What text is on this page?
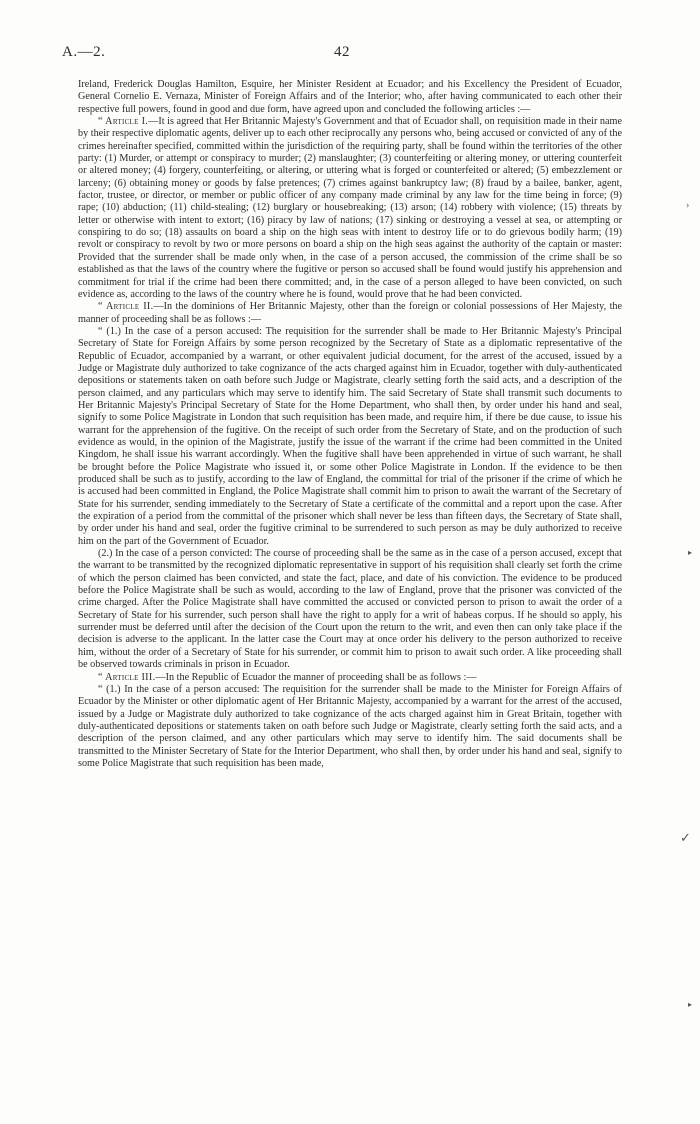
A.—2.	42

Ireland, Frederick Douglas Hamilton, Esquire, her Minister Resident at Ecuador; and his Excellency the President of Ecuador, General Cornelio E. Vernaza, Minister of Foreign Affairs and of the Interior; who, after having communicated to each other their respective full powers, found in good and due form, have agreed upon and concluded the following articles :—

“ Article I.—It is agreed that Her Britannic Majesty's Government and that of Ecuador shall, on requisition made in their name by their respective diplomatic agents, deliver up to each other reciprocally any persons who, being accused or convicted of any of the crimes hereinafter specified, committed within the jurisdiction of the requiring party, shall be found within the territories of the other party: (1) Murder, or attempt or conspiracy to murder; (2) manslaughter; (3) counterfeiting or altering money, or uttering counterfeit or altered money; (4) forgery, counterfeiting, or altering, or uttering what is forged or counterfeited or altered; (5) embezzlement or larceny; (6) obtaining money or goods by false pretences; (7) crimes against bankruptcy law; (8) fraud by a bailee, banker, agent, factor, trustee, or director, or member or public officer of any company made criminal by any law for the time being in force; (9) rape; (10) abduction; (11) child-stealing; (12) burglary or housebreaking; (13) arson; (14) robbery with violence; (15) threats by letter or otherwise with intent to extort; (16) piracy by law of nations; (17) sinking or destroying a vessel at sea, or attempting or conspiring to do so; (18) assaults on board a ship on the high seas with intent to destroy life or to do grievous bodily harm; (19) revolt or conspiracy to revolt by two or more persons on board a ship on the high seas against the authority of the captain or master: Provided that the surrender shall be made only when, in the case of a person accused, the commission of the crime shall be so established as that the laws of the country where the fugitive or person so accused shall be found would justify his apprehension and commitment for trial if the crime had been there committed; and, in the case of a person alleged to have been convicted, on such evidence as, according to the laws of the country where he is found, would prove that he had been convicted.

“ Article II.—In the dominions of Her Britannic Majesty, other than the foreign or colonial possessions of Her Majesty, the manner of proceeding shall be as follows :—

“ (1.) In the case of a person accused: The requisition for the surrender shall be made to Her Britannic Majesty's Principal Secretary of State for Foreign Affairs by some person recognized by the Secretary of State as a diplomatic representative of the Republic of Ecuador, accompanied by a warrant, or other equivalent judicial document, for the arrest of the accused, issued by a Judge or Magistrate duly authorized to take cognizance of the acts charged against him in Ecuador, together with duly-authenticated depositions or statements taken on oath before such Judge or Magistrate, clearly setting forth the said acts, and a description of the person claimed, and any particulars which may serve to identify him. The said Secretary of State shall transmit such documents to Her Britannic Majesty's Principal Secretary of State for the Home Department, who shall then, by order under his hand and seal, signify to some Police Magistrate in London that such requisition has been made, and require him, if there be due cause, to issue his warrant for the apprehension of the fugitive. On the receipt of such order from the Secretary of State, and on the production of such evidence as would, in the opinion of the Magistrate, justify the issue of the warrant if the crime had been committed in the United Kingdom, he shall issue his warrant accordingly. When the fugitive shall have been apprehended in virtue of such warrant, he shall be brought before the Police Magistrate who issued it, or some other Police Magistrate in London. If the evidence to be then produced shall be such as to justify, according to the law of England, the committal for trial of the prisoner if the crime of which he is accused had been committed in England, the Police Magistrate shall commit him to prison to await the warrant of the Secretary of State for his surrender, sending immediately to the Secretary of State a certificate of the committal and a report upon the case. After the expiration of a period from the committal of the prisoner which shall never be less than fifteen days, the Secretary of State shall, by order under his hand and seal, order the fugitive criminal to be surrendered to such person as may be duly authorized to receive him on the part of the Government of Ecuador.

(2.) In the case of a person convicted: The course of proceeding shall be the same as in the case of a person accused, except that the warrant to be transmitted by the recognized diplomatic representative in support of his requisition shall clearly set forth the crime of which the person claimed has been convicted, and state the fact, place, and date of his conviction. The evidence to be produced before the Police Magistrate shall be such as would, according to the law of England, prove that the prisoner was convicted of the crime charged. After the Police Magistrate shall have committed the accused or convicted person to prison to await the order of a Secretary of State for his surrender, such person shall have the right to apply for a writ of habeas corpus. If he should so apply, his surrender must be deferred until after the decision of the Court upon the return to the writ, and even then can only take place if the decision is adverse to the applicant. In the latter case the Court may at once order his delivery to the person authorized to receive him, without the order of a Secretary of State for his surrender, or commit him to prison to await such order. A like proceeding shall be observed towards criminals in prison in Ecuador.

“ Article III.—In the Republic of Ecuador the manner of proceeding shall be as follows :—

“ (1.) In the case of a person accused: The requisition for the surrender shall be made to the Minister for Foreign Affairs of Ecuador by the Minister or other diplomatic agent of Her Britannic Majesty, accompanied by a warrant for the arrest of the accused, issued by a Judge or Magistrate duly authorized to take cognizance of the acts charged against him in Great Britain, together with duly-authenticated depositions or statements taken on oath before such Judge or Magistrate, clearly setting forth the said acts, and a description of the person claimed, and any other particulars which may serve to identify him. The said documents shall be transmitted to the Minister Secretary of State for the Interior Department, who shall then, by order under his hand and seal, signify to some Police Magistrate that such requisition has been made,

›
▸
✓
▸
